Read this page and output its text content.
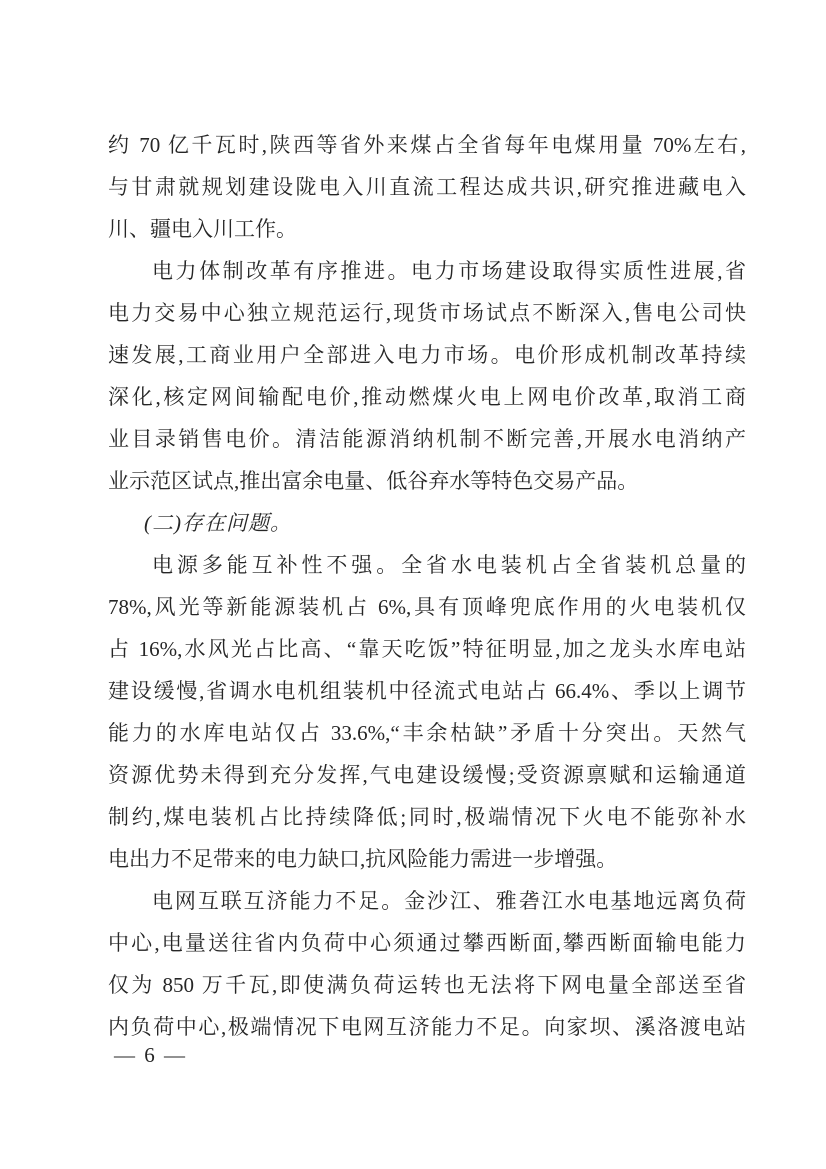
约 70 亿千瓦时,陕西等省外来煤占全省每年电煤用量 70%左右,
与甘肃就规划建设陇电入川直流工程达成共识,研究推进藏电入
川、疆电入川工作。
电力体制改革有序推进。电力市场建设取得实质性进展,省
电力交易中心独立规范运行,现货市场试点不断深入,售电公司快
速发展,工商业用户全部进入电力市场。电价形成机制改革持续
深化,核定网间输配电价,推动燃煤火电上网电价改革,取消工商
业目录销售电价。清洁能源消纳机制不断完善,开展水电消纳产
业示范区试点,推出富余电量、低谷弃水等特色交易产品。
(二)存在问题。
电源多能互补性不强。全省水电装机占全省装机总量的
78%,风光等新能源装机占 6%,具有顶峰兜底作用的火电装机仅
占 16%,水风光占比高、“靠天吃饭”特征明显,加之龙头水库电站
建设缓慢,省调水电机组装机中径流式电站占 66.4%、季以上调节
能力的水库电站仅占 33.6%,“丰余枯缺”矛盾十分突出。天然气
资源优势未得到充分发挥,气电建设缓慢;受资源禀赋和运输通道
制约,煤电装机占比持续降低;同时,极端情况下火电不能弥补水
电出力不足带来的电力缺口,抗风险能力需进一步增强。
电网互联互济能力不足。金沙江、雅砻江水电基地远离负荷
中心,电量送往省内负荷中心须通过攀西断面,攀西断面输电能力
仅为 850 万千瓦,即使满负荷运转也无法将下网电量全部送至省
内负荷中心,极端情况下电网互济能力不足。向家坝、溪洛渡电站
— 6 —
